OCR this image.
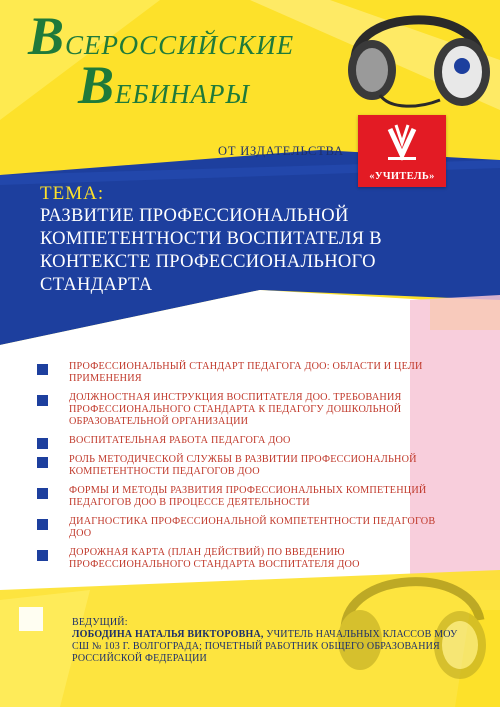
ВСЕРОССИЙСКИЕ
ВЕБИНАРЫ
ОТ ИЗДАТЕЛЬСТВА
«УЧИТЕЛЬ»
ТЕМА:
РАЗВИТИЕ ПРОФЕССИОНАЛЬНОЙ КОМПЕТЕНТНОСТИ ВОСПИТАТЕЛЯ В КОНТЕКСТЕ ПРОФЕССИОНАЛЬНОГО СТАНДАРТА
ПРОФЕССИОНАЛЬНЫЙ СТАНДАРТ ПЕДАГОГА ДОО: ОБЛАСТИ И ЦЕЛИ ПРИМЕНЕНИЯ
ДОЛЖНОСТНАЯ ИНСТРУКЦИЯ ВОСПИТАТЕЛЯ ДОО. ТРЕБОВАНИЯ ПРОФЕССИОНАЛЬНОГО СТАНДАРТА К ПЕДАГОГУ ДОШКОЛЬНОЙ ОБРАЗОВАТЕЛЬНОЙ ОРГАНИЗАЦИИ
ВОСПИТАТЕЛЬНАЯ РАБОТА ПЕДАГОГА ДОО
РОЛЬ МЕТОДИЧЕСКОЙ СЛУЖБЫ В РАЗВИТИИ ПРОФЕССИОНАЛЬНОЙ КОМПЕТЕНТНОСТИ ПЕДАГОГОВ ДОО
ФОРМЫ И МЕТОДЫ РАЗВИТИЯ ПРОФЕССИОНАЛЬНЫХ КОМПЕТЕНЦИЙ ПЕДАГОГОВ ДОО В ПРОЦЕССЕ ДЕЯТЕЛЬНОСТИ
ДИАГНОСТИКА ПРОФЕССИОНАЛЬНОЙ КОМПЕТЕНТНОСТИ ПЕДАГОГОВ ДОО
ДОРОЖНАЯ КАРТА (ПЛАН ДЕЙСТВИЙ) ПО ВВЕДЕНИЮ ПРОФЕССИОНАЛЬНОГО СТАНДАРТА ВОСПИТАТЕЛЯ ДОО
ВЕДУЩИЙ:
ЛОБОДИНА НАТАЛЬЯ ВИКТОРОВНА, УЧИТЕЛЬ НАЧАЛЬНЫХ КЛАССОВ МОУ СШ № 103 Г. ВОЛГОГРАДА; ПОЧЕТНЫЙ РАБОТНИК ОБЩЕГО ОБРАЗОВАНИЯ РОССИЙСКОЙ ФЕДЕРАЦИИ
